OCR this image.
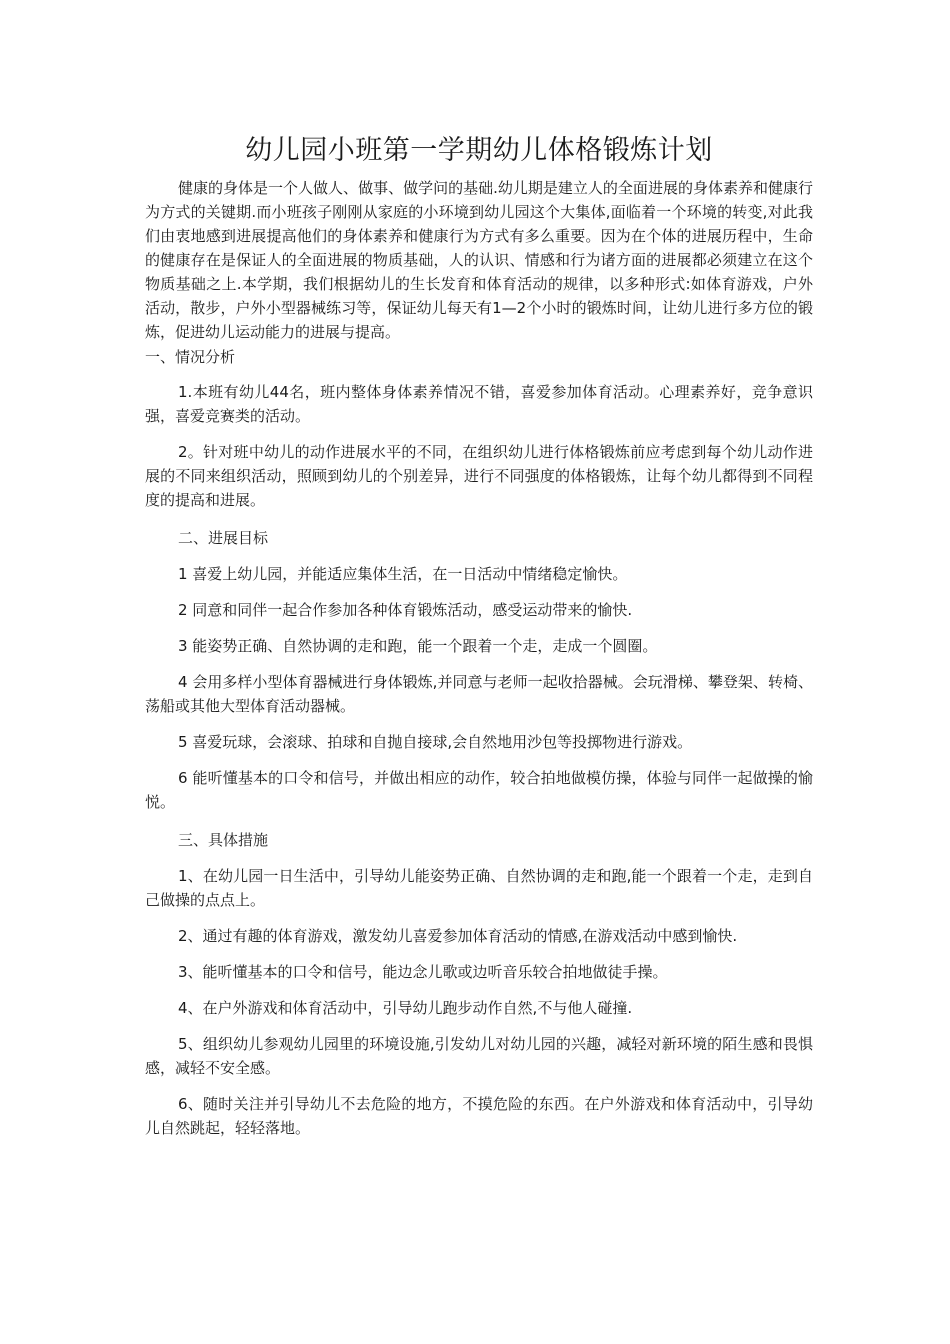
幼儿园小班第一学期幼儿体格锻炼计划

健康的身体是一个人做人、做事、做学问的基础.幼儿期是建立人的全面进展的身体素养和健康行为方式的关键期.而小班孩子刚刚从家庭的小环境到幼儿园这个大集体,面临着一个环境的转变,对此我们由衷地感到进展提高他们的身体素养和健康行为方式有多么重要。因为在个体的进展历程中，生命的健康存在是保证人的全面进展的物质基础，人的认识、情感和行为诸方面的进展都必须建立在这个物质基础之上.本学期，我们根据幼儿的生长发育和体育活动的规律，以多种形式:如体育游戏，户外活动，散步，户外小型器械练习等，保证幼儿每天有1—2个小时的锻炼时间，让幼儿进行多方位的锻炼，促进幼儿运动能力的进展与提高。

一、情况分析

1.本班有幼儿44名，班内整体身体素养情况不错，喜爱参加体育活动。心理素养好，竞争意识强，喜爱竞赛类的活动。

2。针对班中幼儿的动作进展水平的不同，在组织幼儿进行体格锻炼前应考虑到每个幼儿动作进展的不同来组织活动，照顾到幼儿的个别差异，进行不同强度的体格锻炼，让每个幼儿都得到不同程度的提高和进展。

二、进展目标

1 喜爱上幼儿园，并能适应集体生活，在一日活动中情绪稳定愉快。

2 同意和同伴一起合作参加各种体育锻炼活动，感受运动带来的愉快.

3 能姿势正确、自然协调的走和跑，能一个跟着一个走，走成一个圆圈。

4 会用多样小型体育器械进行身体锻炼,并同意与老师一起收拾器械。会玩滑梯、攀登架、转椅、荡船或其他大型体育活动器械。

5 喜爱玩球，会滚球、拍球和自抛自接球,会自然地用沙包等投掷物进行游戏。

6 能听懂基本的口令和信号，并做出相应的动作，较合拍地做模仿操，体验与同伴一起做操的愉悦。

三、具体措施

1、在幼儿园一日生活中，引导幼儿能姿势正确、自然协调的走和跑,能一个跟着一个走，走到自己做操的点点上。

2、通过有趣的体育游戏，激发幼儿喜爱参加体育活动的情感,在游戏活动中感到愉快.

3、能听懂基本的口令和信号，能边念儿歌或边听音乐较合拍地做徒手操。

4、在户外游戏和体育活动中，引导幼儿跑步动作自然,不与他人碰撞.

5、组织幼儿参观幼儿园里的环境设施,引发幼儿对幼儿园的兴趣，减轻对新环境的陌生感和畏惧感，减轻不安全感。

6、随时关注并引导幼儿不去危险的地方，不摸危险的东西。在户外游戏和体育活动中，引导幼儿自然跳起，轻轻落地。
